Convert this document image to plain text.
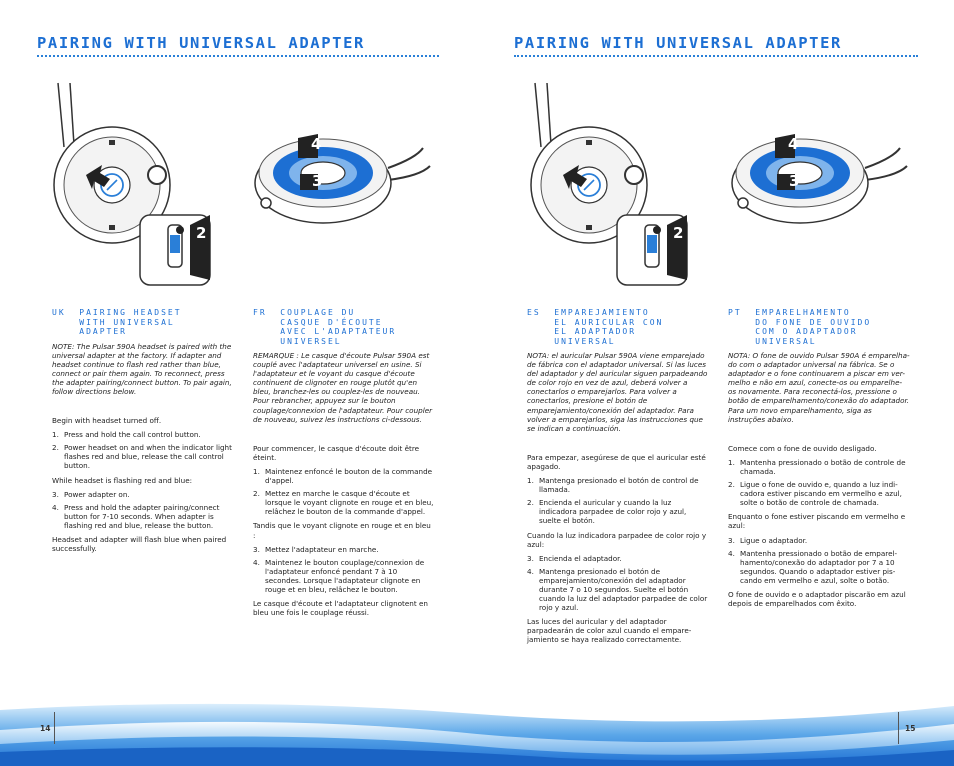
PAIRING WITH UNIVERSAL ADAPTER
2
4
3
UK  PAIRING HEADSET
WITH UNIVERSAL
ADAPTER

NOTE: The Pulsar 590A headset is paired with the universal adapter at the factory. If adapter and headset continue to flash red rather than blue, connect or pair them again. To reconnect, press the adapter pairing/connect button. To pair again, follow directions below.

Begin with headset turned off.

1. Press and hold the call control button.
2. Power headset on and when the indicator light flashes red and blue, release the call control button.

While headset is flashing red and blue:

3. Power adapter on.
4. Press and hold the adapter pairing/connect button for 7-10 seconds. When adapter is flashing red and blue, release the button.

Headset and adapter will flash blue when paired successfully.

FR  COUPLAGE DU
CASQUE D'ÉCOUTE
AVEC L'ADAPTATEUR
UNIVERSEL

REMARQUE : Le casque d'écoute Pulsar 590A est couplé avec l'adaptateur universel en usine. Si l'adaptateur et le voyant du casque d'écoute continuent de clignoter en rouge plutôt qu'en bleu, branchez-les ou couplez-les de nouveau. Pour rebrancher, appuyez sur le bouton couplage/connexion de l'adaptateur. Pour coupler de nouveau, suivez les instructions ci-dessous.

Pour commencer, le casque d'écoute doit être éteint.

1. Maintenez enfoncé le bouton de la commande d'appel.
2. Mettez en marche le casque d'écoute et lorsque le voyant clignote en rouge et en bleu, relâchez le bouton de la commande d'appel.

Tandis que le voyant clignote en rouge et en bleu :

3. Mettez l'adaptateur en marche.
4. Maintenez le bouton couplage/connexion de l'adaptateur enfoncé pendant 7 à 10 secondes. Lorsque l'adaptateur clignote en rouge et en bleu, relâchez le bouton.

Le casque d'écoute et l'adaptateur clignotent en bleu une fois le couplage réussi.

PAIRING WITH UNIVERSAL ADAPTER
2
4
3
ES  EMPAREJAMIENTO
EL AURICULAR CON
EL ADAPTADOR
UNIVERSAL

NOTA: el auricular Pulsar 590A viene emparejado de fábrica con el adaptador universal. Si las luces del adaptador y del auricular siguen parpadeando de color rojo en vez de azul, deberá volver a conectarlos o emparejarlos. Para volver a conectarlos, presione el botón de emparejamiento/conexión del adaptador. Para volver a emparejarlos, siga las instrucciones que se indican a continuación.

Para empezar, asegúrese de que el auricular esté apagado.

1. Mantenga presionado el botón de control de llamada.
2. Encienda el auricular y cuando la luz indicadora parpadee de color rojo y azul, suelte el botón.

Cuando la luz indicadora parpadee de color rojo y azul:

3. Encienda el adaptador.
4. Mantenga presionado el botón de emparejamiento/conexión del adaptador durante 7 o 10 segundos. Suelte el botón cuando la luz del adaptador parpadee de color rojo y azul.

Las luces del auricular y del adaptador parpadearán de color azul cuando el empare-jamiento se haya realizado correctamente.

PT  EMPARELHAMENTO
DO FONE DE OUVIDO
COM O ADAPTADOR
UNIVERSAL

NOTA: O fone de ouvido Pulsar 590A é emparelha-do com o adaptador universal na fábrica. Se o adaptador e o fone continuarem a piscar em ver-melho e não em azul, conecte-os ou emparelhe-os novamente. Para reconectá-los, pressione o botão de emparelhamento/conexão do adaptador. Para um novo emparelhamento, siga as instruções abaixo.

Comece com o fone de ouvido desligado.

1. Mantenha pressionado o botão de controle de chamada.
2. Ligue o fone de ouvido e, quando a luz indi-cadora estiver piscando em vermelho e azul, solte o botão de controle de chamada.

Enquanto o fone estiver piscando em vermelho e azul:

3. Ligue o adaptador.
4. Mantenha pressionado o botão de emparel-hamento/conexão do adaptador por 7 a 10 segundos. Quando o adaptador estiver pis-cando em vermelho e azul, solte o botão.

O fone de ouvido e o adaptador piscarão em azul depois de emparelhados com êxito.

14	15
